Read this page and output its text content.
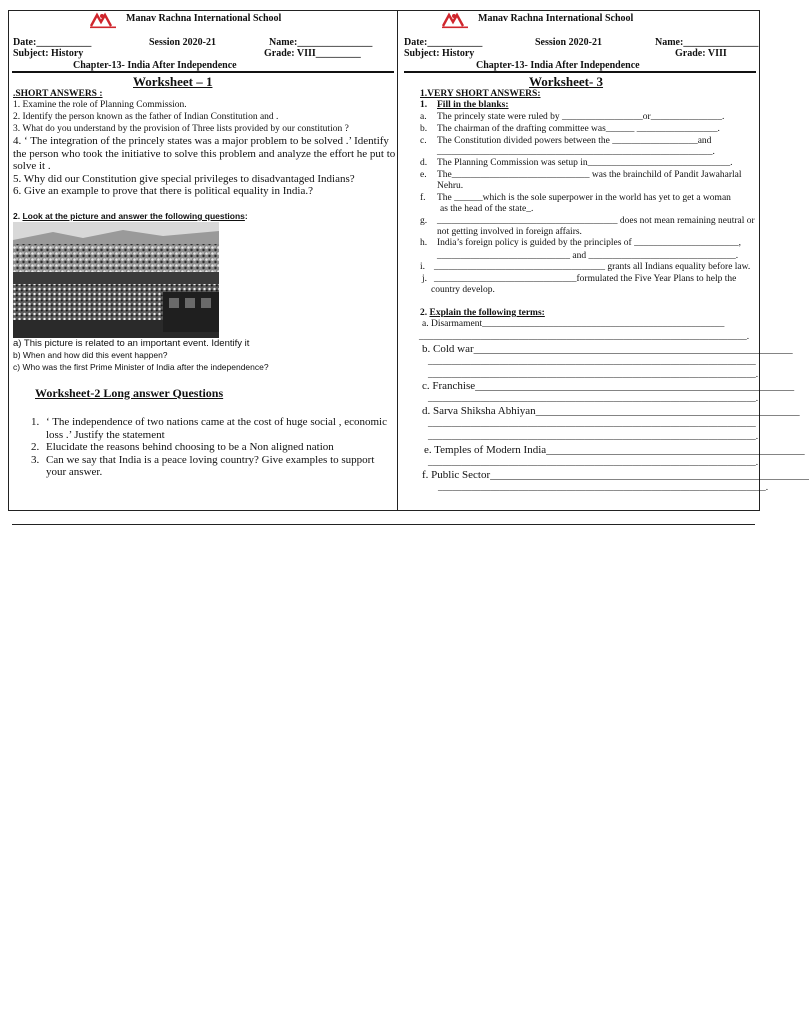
Manav Rachna International School
Date:___________	Session 2020-21	Name:_______________
Subject: History	Grade: VIII_________
Chapter-13- India After Independence
Worksheet – 1
.SHORT ANSWERS :
1. Examine the role of Planning Commission.
2. Identify the person known as the father of Indian Constitution and .
3. What do you understand by the provision of Three lists provided by our constitution ?
4. ‘ The integration of the princely states was a major problem to be solved .’ Identify
the person who took the initiative to solve this problem and analyze the effort he put to
solve it .
5. Why did our Constitution give special privileges to disadvantaged Indians?
6. Give an example to prove that there is political equality in India.?
2. Look at the picture and answer the following questions:
a) This picture is related to an important event. Identify it
b) When and how did this event happen?
c) Who was the first Prime Minister of India after the independence?
Worksheet-2 Long answer Questions
1. ‘ The independence of two nations came at the cost of huge social , economic
loss .’ Justify the statement
2. Elucidate the reasons behind choosing to be a Non aligned nation
3. Can we say that India is a peace loving country? Give examples to support
your answer.
Manav Rachna International School
Date:___________	Session 2020-21	Name:_______________
Subject: History	Grade: VIII
Chapter-13- India After Independence
Worksheet- 3
1.VERY SHORT ANSWERS:
1. Fill in the blanks:
a. The princely state were ruled by _________________or_______________.
b. The chairman of the drafting committee was______ _________________.
c. The Constitution divided powers between the __________________and
__________________________________________________________.
d. The Planning Commission was setup in______________________________.
e. The_____________________________ was the brainchild of Pandit Jawaharlal
Nehru.
f. The ______which is the sole superpower in the world has yet to get a woman
as the head of the state_.
g. ______________________________________ does not mean remaining neutral or
not getting involved in foreign affairs.
h. India’s foreign policy is guided by the principles of ______________________,
____________________________ and _______________________________.
i. ____________________________________ grants all Indians equality before law.
j. ______________________________formulated the Five Year Plans to help the
country develop.
2. Explain the following terms:
a. Disarmament___________________________________________________
_____________________________________________________________________.
b. Cold war__________________________________________________________
_____________________________________________________________________
_____________________________________________________________________.
c. Franchise__________________________________________________________
_____________________________________________________________________.
d. Sarva Shiksha Abhiyan________________________________________________
_____________________________________________________________________
_____________________________________________________________________.
e. Temples of Modern India_______________________________________________
_____________________________________________________________________.
f. Public Sector__________________________________________________________
_____________________________________________________________________.
